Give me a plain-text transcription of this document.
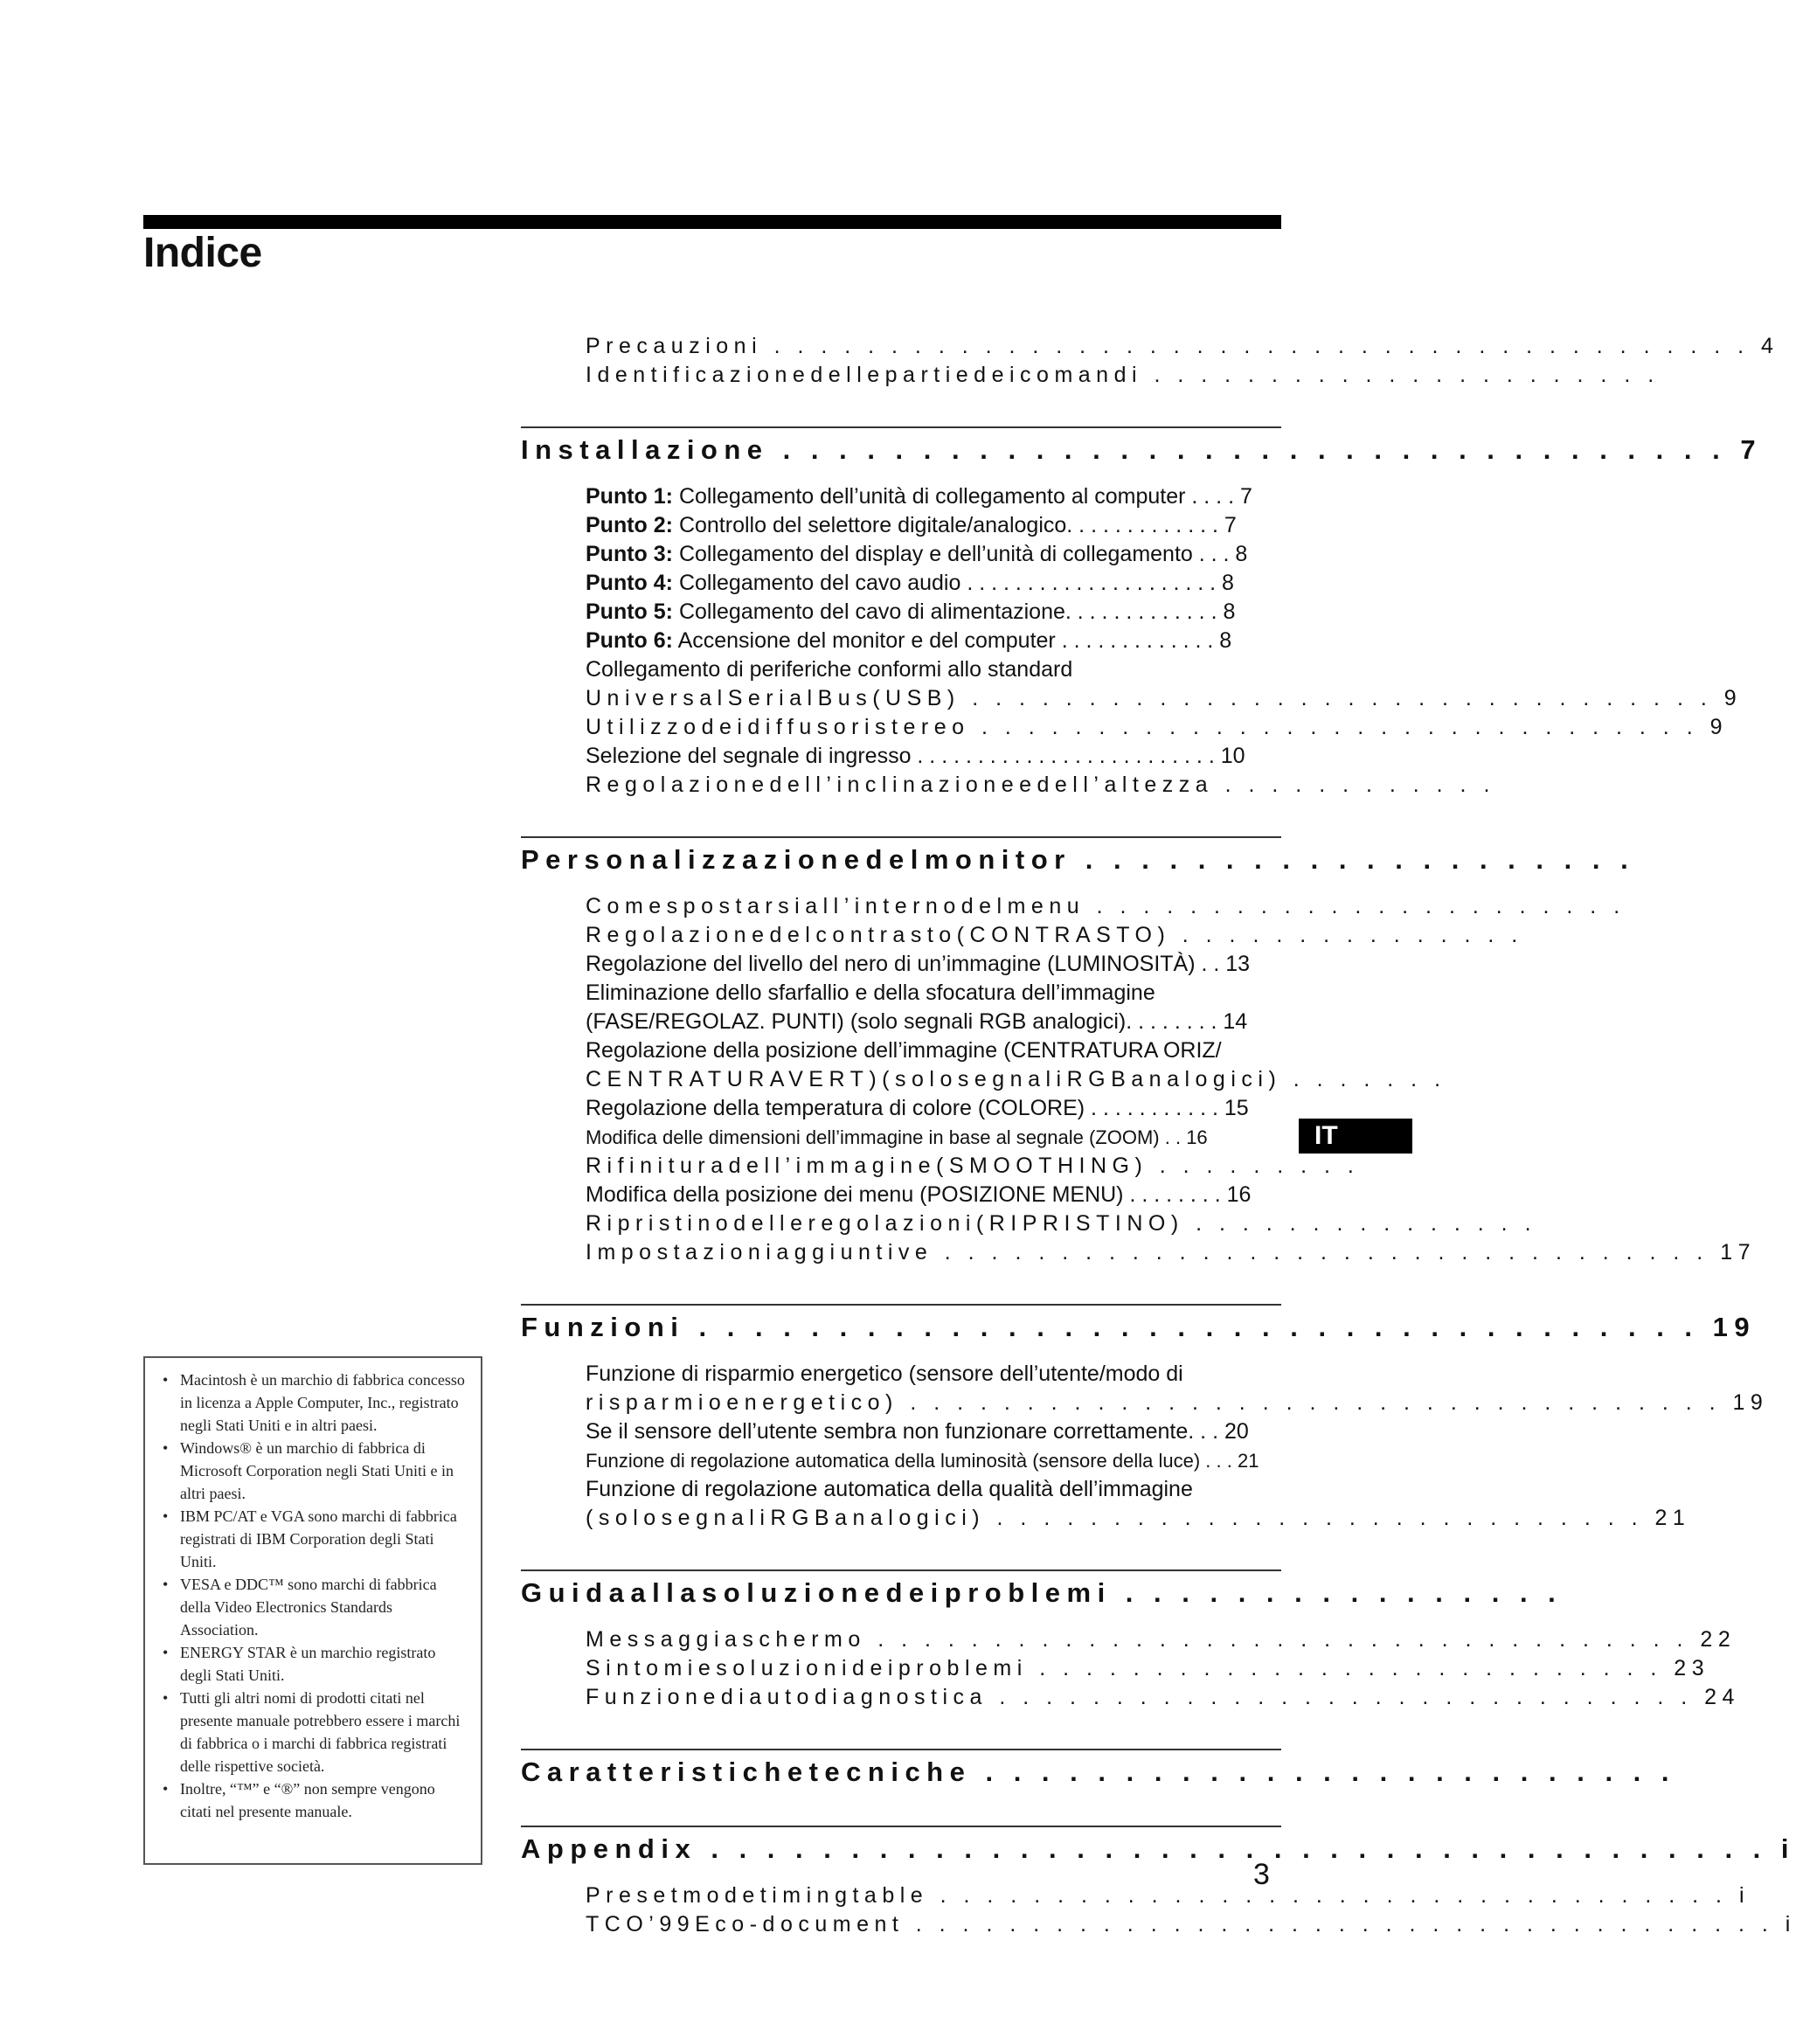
Indice
Precauzioni . . . . . . . . . . . . . . . . . . . . . . . . . . . . . . . . . . . . . . . . . . 4
Identificazionedellepartiedeicomandi . . . . . . . . . . . . . . . . . . . . . .
Installazione . . . . . . . . . . . . . . . . . . . . . . . . . . . . . . . . . . 7
Punto 1: Collegamento dell’unità di collegamento al computer . . . . 7
Punto 2: Controllo del selettore digitale/analogico. . . . . . . . . . . . . 7
Punto 3: Collegamento del display e dell’unità di collegamento . . . 8
Punto 4: Collegamento del cavo audio . . . . . . . . . . . . . . . . . . . . . 8
Punto 5: Collegamento del cavo di alimentazione. . . . . . . . . . . . . 8
Punto 6: Accensione del monitor e del computer . . . . . . . . . . . . . 8
Collegamento di periferiche conformi allo standard
UniversalSerialBus(USB) . . . . . . . . . . . . . . . . . . . . . . . . . . . . . . . . 9
Utilizzodeidiffusoristereo . . . . . . . . . . . . . . . . . . . . . . . . . . . . . . . 9
Selezione del segnale di ingresso . . . . . . . . . . . . . . . . . . . . . . . . . 10
Regolazionedell’inclinazioneedell’altezza . . . . . . . . . . . .
Personalizzazionedelmonitor . . . . . . . . . . . . . . . . . . . .
Comespostarsiall’internodelmenu . . . . . . . . . . . . . . . . . . . . . . .
Regolazionedelcontrasto(CONTRASTO) . . . . . . . . . . . . . . .
Regolazione del livello del nero di un’immagine (LUMINOSITÀ) . . 13
Eliminazione dello sfarfallio e della sfocatura dell’immagine
(FASE/REGOLAZ. PUNTI) (solo segnali RGB analogici). . . . . . . . 14
Regolazione della posizione dell’immagine (CENTRATURA ORIZ/
CENTRATURAVERT)(solosegnaliRGBanalogici) . . . . . . .
Regolazione della temperatura di colore (COLORE) . . . . . . . . . . . 15
Modifica delle dimensioni dell’immagine in base al segnale (ZOOM) . . 16
Rifinituradell’immagine(SMOOTHING) . . . . . . . . .
Modifica della posizione dei menu (POSIZIONE MENU) . . . . . . . . 16
Ripristinodelleregolazioni(RIPRISTINO) . . . . . . . . . . . . . . .
Impostazioniaggiuntive . . . . . . . . . . . . . . . . . . . . . . . . . . . . . . . . . 17
Funzioni . . . . . . . . . . . . . . . . . . . . . . . . . . . . . . . . . . . . 19
Funzione di risparmio energetico (sensore dell’utente/modo di
risparmioenergetico) . . . . . . . . . . . . . . . . . . . . . . . . . . . . . . . . . . . 19
Se il sensore dell’utente sembra non funzionare correttamente. . . 20
Funzione di regolazione automatica della luminosità (sensore della luce) . . . 21
Funzione di regolazione automatica della qualità dell’immagine
(solosegnaliRGBanalogici) . . . . . . . . . . . . . . . . . . . . . . . . . . . . 21
Guidaallasoluzionedeiproblemi . . . . . . . . . . . . . . . .
Messaggiaschermo . . . . . . . . . . . . . . . . . . . . . . . . . . . . . . . . . . . 22
Sintomiesoluzionideiproblemi . . . . . . . . . . . . . . . . . . . . . . . . . . . 23
Funzionediautodiagnostica . . . . . . . . . . . . . . . . . . . . . . . . . . . . . . 24
Caratteristichetecniche . . . . . . . . . . . . . . . . . . . . . . . . .
Appendix . . . . . . . . . . . . . . . . . . . . . . . . . . . . . . . . . . . . . . i
Presetmodetimingtable . . . . . . . . . . . . . . . . . . . . . . . . . . . . . . . . . . i
TCO’99Eco-document . . . . . . . . . . . . . . . . . . . . . . . . . . . . . . . . . . . . . i
IT
3
• Macintosh è un marchio di fabbrica concesso in licenza a Apple Computer, Inc., registrato negli Stati Uniti e in altri paesi.
• Windows® è un marchio di fabbrica di Microsoft Corporation negli Stati Uniti e in altri paesi.
• IBM PC/AT e VGA sono marchi di fabbrica registrati di IBM Corporation degli Stati Uniti.
• VESA e DDC™ sono marchi di fabbrica della Video Electronics Standards Association.
• ENERGY STAR è un marchio registrato degli Stati Uniti.
• Tutti gli altri nomi di prodotti citati nel presente manuale potrebbero essere i marchi di fabbrica o i marchi di fabbrica registrati delle rispettive società.
• Inoltre, “™” e “®” non sempre vengono citati nel presente manuale.
